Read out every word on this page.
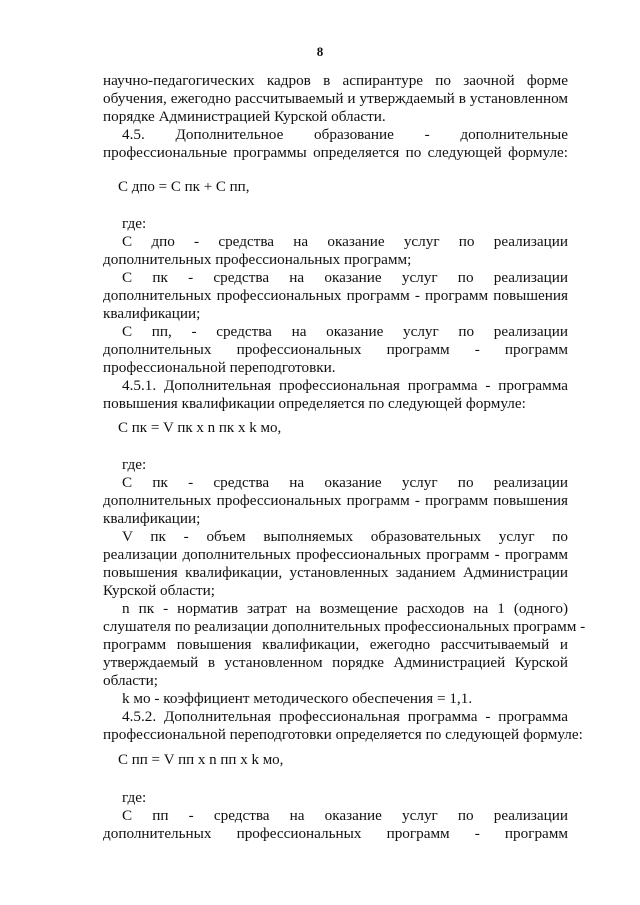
8
научно-педагогических кадров в аспирантуре по заочной форме
обучения, ежегодно рассчитываемый и утверждаемый в установленном
порядке Администрацией Курской области.
4.5. Дополнительное образование - дополнительные
профессиональные программы определяется по следующей формуле:
С дпо = С пк + С пп,
где:
С дпо - средства на оказание услуг по реализации
дополнительных профессиональных программ;
С пк - средства на оказание услуг по реализации
дополнительных профессиональных программ - программ повышения
квалификации;
С пп, - средства на оказание услуг по реализации
дополнительных профессиональных программ - программ
профессиональной переподготовки.
4.5.1. Дополнительная профессиональная программа - программа
повышения квалификации определяется по следующей формуле:
С пк = V пк х n пк х k мо,
где:
С пк - средства на оказание услуг по реализации
дополнительных профессиональных программ - программ повышения
квалификации;
V пк - объем выполняемых образовательных услуг по
реализации дополнительных профессиональных программ - программ
повышения квалификации, установленных заданием Администрации
Курской области;
n пк - норматив затрат на возмещение расходов на 1 (одного)
слушателя по реализации дополнительных профессиональных программ -
программ повышения квалификации, ежегодно рассчитываемый и
утверждаемый в установленном порядке Администрацией Курской
области;
k мо - коэффициент методического обеспечения = 1,1.
4.5.2. Дополнительная профессиональная программа - программа
профессиональной переподготовки определяется по следующей формуле:
С пп = V пп х n пп х k мо,
где:
С пп - средства на оказание услуг по реализации
дополнительных профессиональных программ - программ
